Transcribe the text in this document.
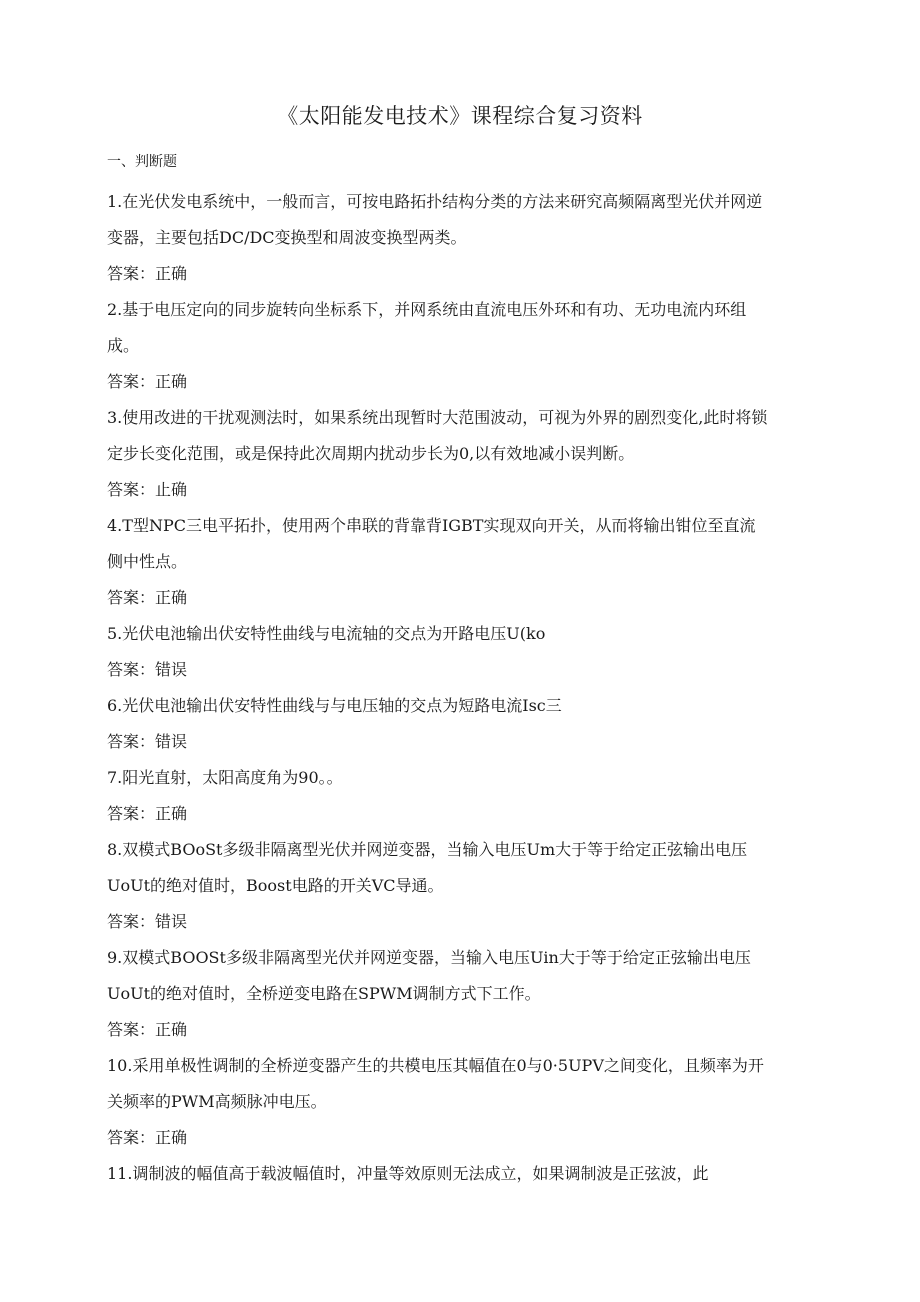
《太阳能发电技术》课程综合复习资料
一、判断题

1.在光伏发电系统中，一般而言，可按电路拓扑结构分类的方法来研究高频隔离型光伏并网逆

变器，主要包括DC/DC变换型和周波变换型两类。

答案：正确

2.基于电压定向的同步旋转向坐标系下，并网系统由直流电压外环和有功、无功电流内环组

成。

答案：正确

3.使用改进的干扰观测法时，如果系统出现暂时大范围波动，可视为外界的剧烈变化,此时将锁

定步长变化范围，或是保持此次周期内扰动步长为0,以有效地减小误判断。

答案：止确

4.T型NPC三电平拓扑，使用两个串联的背靠背IGBT实现双向开关，从而将输出钳位至直流

侧中性点。

答案：正确

5.光伏电池输出伏安特性曲线与电流轴的交点为开路电压U(ko

答案：错误

6.光伏电池输出伏安特性曲线与与电压轴的交点为短路电流Isc三

答案：错误

7.阳光直射，太阳高度角为90。。

答案：正确

8.双模式BOoSt多级非隔离型光伏并网逆变器，当输入电压Um大于等于给定正弦输出电压

UoUt的绝对值时，Boost电路的开关VC导通。

答案：错误

9.双模式BOOSt多级非隔离型光伏并网逆变器，当输入电压Uin大于等于给定正弦输出电压

UoUt的绝对值时，全桥逆变电路在SPWM调制方式下工作。

答案：正确

10.采用单极性调制的全桥逆变器产生的共模电压其幅值在0与0·5UPV之间变化，且频率为开

关频率的PWM高频脉冲电压。

答案：正确

11.调制波的幅值高于载波幅值时，冲量等效原则无法成立，如果调制波是正弦波，此
